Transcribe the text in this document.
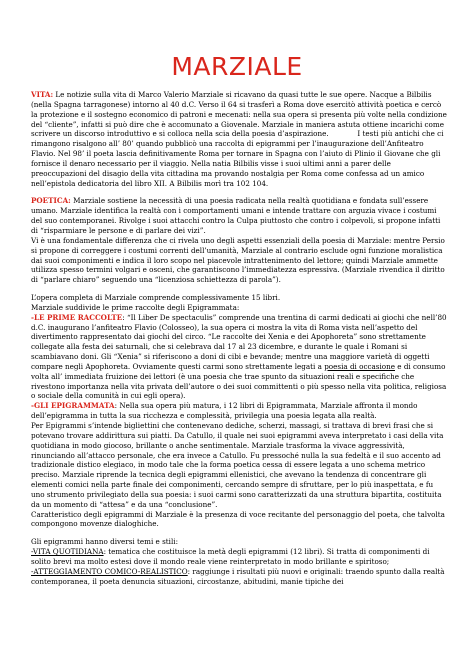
MARZIALE

VITA: Le notizie sulla vita di Marco Valerio Marziale si ricavano da quasi tutte le sue opere. Nacque a Bilbilis (nella Spagna tarragonese) intorno al 40 d.C. Verso il 64 si trasferì a Roma dove esercitò attività poetica e cercò la protezione e il sostegno economico di patroni e mecenati: nella sua opera si presenta più volte nella condizione del “cliente”, infatti si può dire che è accomunato a Giovenale. Marziale in maniera astuta ottiene incarichi come scrivere un discorso introduttivo e si colloca nella scia della poesia d’aspirazione.    	I testi più antichi che ci rimangono risalgono all’ 80’ quando pubblicò una raccolta di epigrammi per l’inaugurazione dell’Anfiteatro Flavio. Nel 98’ il poeta lascia definitivamente Roma per tornare in Spagna con l’aiuto di Plinio il Giovane che gli fornisce il denaro necessario per il viaggio. Nella natia Bilbilis visse i suoi ultimi anni a parer delle preoccupazioni del disagio della vita cittadina ma provando nostalgia per Roma come confessa ad un amico nell’epistola dedicatoria del libro XII. A Bilbilis morì tra 102 104.

POETICA: Marziale sostiene la necessità di una poesia radicata nella realtà quotidiana e fondata sull’essere umano. Marziale identifica la realtà con i comportamenti umani e intende trattare con arguzia vivace i costumi del suo contemporanei. Rivolge i suoi attacchi contro la Culpa piuttosto che contro i colpevoli, si propone infatti di “risparmiare le persone e di parlare dei vizi”.

Vi è una fondamentale differenza che ci rivela uno degli aspetti essenziali della poesia di Marziale: mentre Persio si propone di correggere i costumi correnti dell’umanità, Marziale al contrario esclude ogni funzione moralistica dai suoi componimenti e indica il loro scopo nel piacevole intrattenimento del lettore; quindi Marziale ammette utilizza spesso termini volgari e osceni, che garantiscono l’immediatezza espressiva. (Marziale rivendica il diritto di “parlare chiaro” seguendo una “licenziosa schiettezza di parola”).

L’opera completa di Marziale comprende complessivamente 15 libri.

Marziale suddivide le prime raccolte degli Epigrammata:

-LE PRIME RACCOLTE: “Il Liber De spectaculis” comprende una trentina di carmi dedicati ai giochi che nell’80 d.C. inaugurano l’anfiteatro Flavio (Colosseo), la sua opera ci mostra la vita di Roma vista nell’aspetto del divertimento rappresentato dai giochi del circo. “Le raccolte dei Xenia e dei Apophoreta” sono strettamente collegate alla festa dei saturnali, che si celebrava dal 17 al 23 dicembre, e durante le quale i Romani si scambiavano doni. Gli “Xenia” si riferiscono a doni di cibi e bevande; mentre una maggiore varietà di oggetti compare negli Apophoreta. Ovviamente questi carmi sono strettamente legati a poesia di occasione e di consumo volta all’ immediata fruizione dei lettori (è una poesia che trae spunto da situazioni reali e specifiche che rivestono importanza nella vita privata dell’autore o dei suoi committenti o più spesso nella vita politica, religiosa o sociale della comunità in cui egli opera).

-GLI EPIGRAMMATA: Nella sua opera più matura, i 12 libri di Epigrammata, Marziale affronta il mondo dell’epigramma in tutta la sua ricchezza e complessità, privilegia una poesia legata alla realtà.

Per Epigrammi s’intende bigliettini che contenevano dediche, scherzi, massagi, si trattava di brevi frasi che si potevano trovare addirittura sui piatti. Da Catullo, il quale nei suoi epigrammi aveva interpretato i casi della vita quotidiana in modo giocoso, brillante o anche sentimentale. Marziale trasforma la vivace aggressività, rinunciando all’attacco personale, che era invece a Catullo. Fu pressoché nulla la sua fedeltà e il suo accento ad tradizionale distico elegiaco, in modo tale che la forma poetica cessa di essere legata a uno schema metrico preciso. Marziale riprende la tecnica degli epigrammi ellenistici, che avevano la tendenza di concentrare gli elementi comici nella parte finale dei componimenti, cercando sempre di sfruttare, per lo più inaspettata, e fu uno strumento privilegiato della sua poesia: i suoi carmi sono caratterizzati da una struttura bipartita, costituita da un momento di “attesa” e da una “conclusione”.

Caratteristico degli epigrammi di Marziale è la presenza di voce recitante del personaggio del poeta, che talvolta compongono movenze dialoghiche.

Gli epigrammi hanno diversi temi e stili:

-VITA QUOTIDIANA: tematica che costituisce la metà degli epigrammi (12 libri). Si tratta di componimenti di solito brevi ma molto estesi dove il mondo reale viene reinterpretato in modo brillante e spiritoso;

-ATTEGGIAMENTO COMICO-REALISTICO: raggiunge i risultati più nuovi e originali: traendo spunto dalla realtà contemporanea, il poeta denuncia situazioni, circostanze, abitudini, manie tipiche dei
